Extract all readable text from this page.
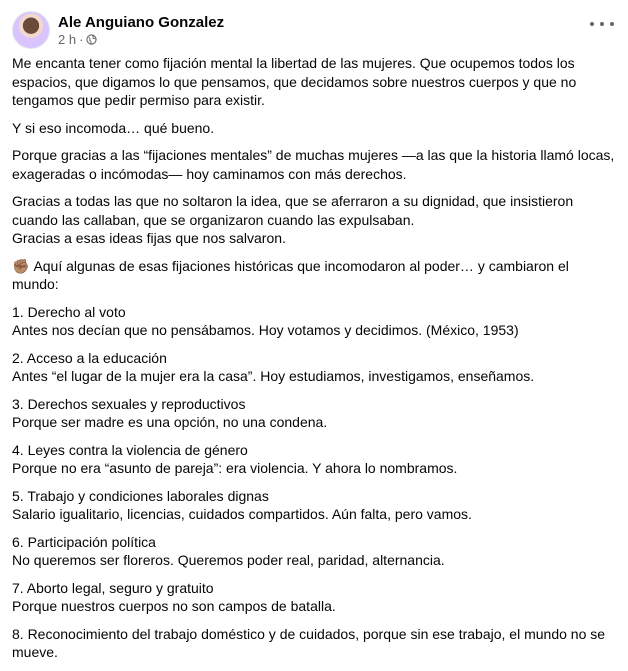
Ale Anguiano Gonzalez
2 h ·
Me encanta tener como fijación mental la libertad de las mujeres. Que ocupemos todos los espacios, que digamos lo que pensamos, que decidamos sobre nuestros cuerpos y que no tengamos que pedir permiso para existir.
Y si eso incomoda… qué bueno.
Porque gracias a las “fijaciones mentales” de muchas mujeres —a las que la historia llamó locas, exageradas o incómodas— hoy caminamos con más derechos.
Gracias a todas las que no soltaron la idea, que se aferraron a su dignidad, que insistieron cuando las callaban, que se organizaron cuando las expulsaban.
Gracias a esas ideas fijas que nos salvaron.
✊🏽 Aquí algunas de esas fijaciones históricas que incomodaron al poder… y cambiaron el mundo:
1. Derecho al voto
Antes nos decían que no pensábamos. Hoy votamos y decidimos. (México, 1953)
2. Acceso a la educación
Antes “el lugar de la mujer era la casa”. Hoy estudiamos, investigamos, enseñamos.
3. Derechos sexuales y reproductivos
Porque ser madre es una opción, no una condena.
4. Leyes contra la violencia de género
Porque no era “asunto de pareja”: era violencia. Y ahora lo nombramos.
5. Trabajo y condiciones laborales dignas
Salario igualitario, licencias, cuidados compartidos. Aún falta, pero vamos.
6. Participación política
No queremos ser floreros. Queremos poder real, paridad, alternancia.
7. Aborto legal, seguro y gratuito
Porque nuestros cuerpos no son campos de batalla.
8. Reconocimiento del trabajo doméstico y de cuidados, porque sin ese trabajo, el mundo no se mueve.
